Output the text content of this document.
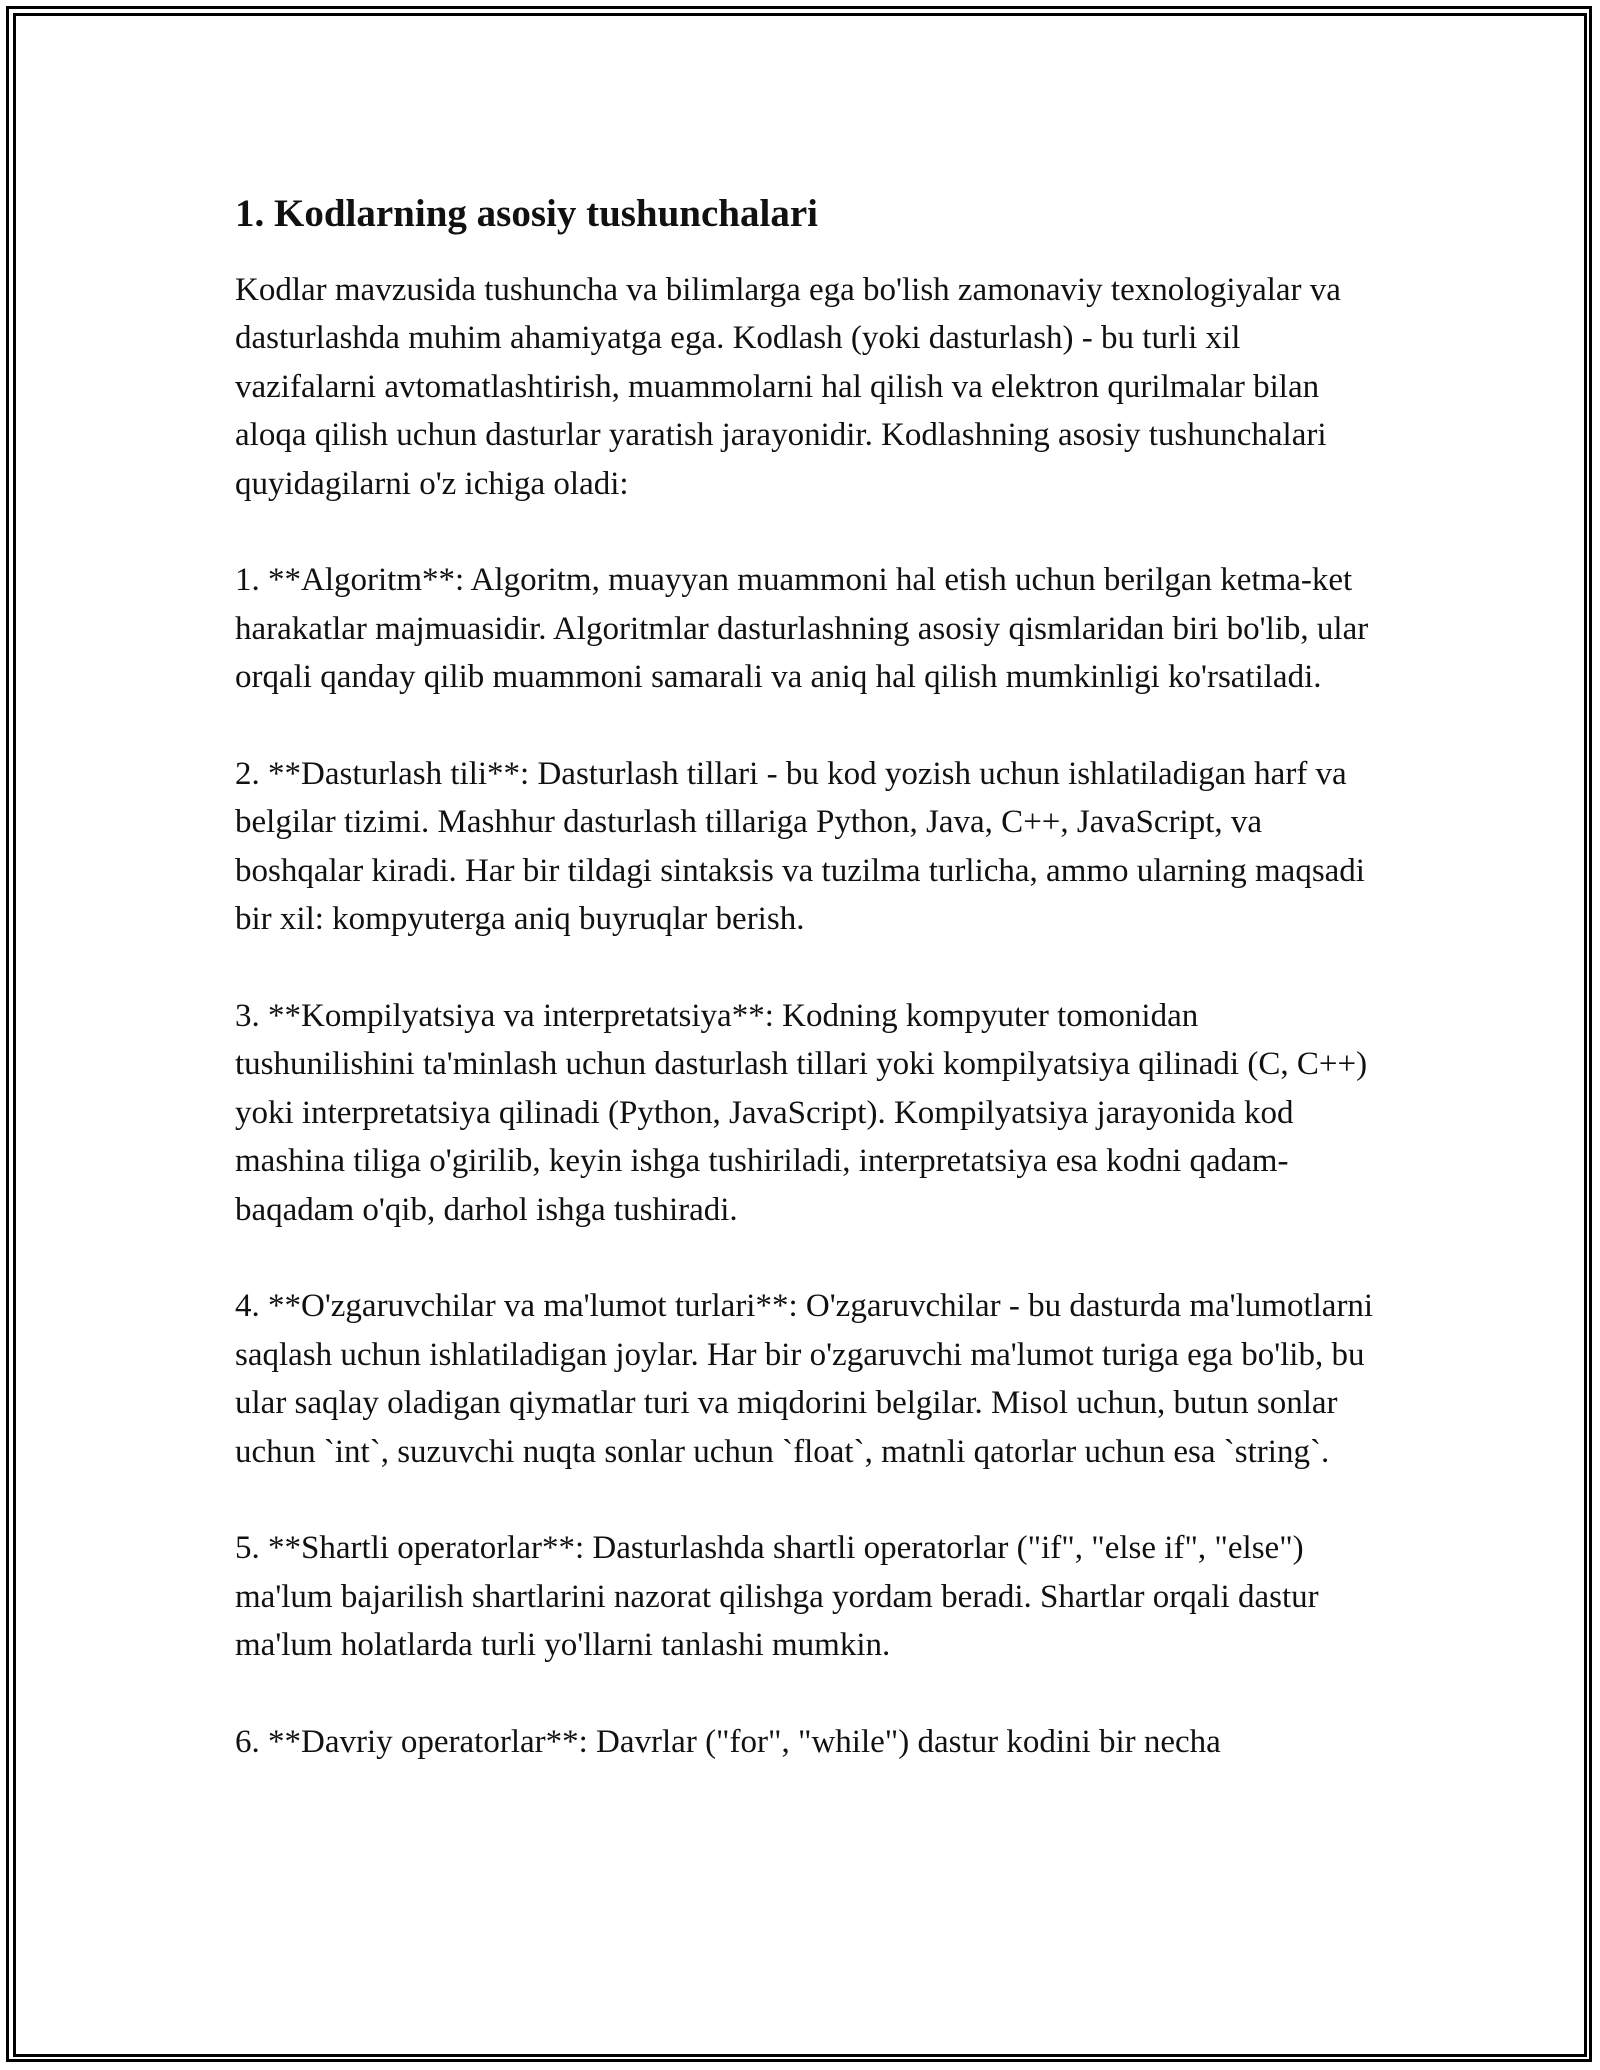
1. Kodlarning asosiy tushunchalari

Kodlar mavzusida tushuncha va bilimlarga ega bo'lish zamonaviy texnologiyalar va dasturlashda muhim ahamiyatga ega. Kodlash (yoki dasturlash) - bu turli xil vazifalarni avtomatlashtirish, muammolarni hal qilish va elektron qurilmalar bilan aloqa qilish uchun dasturlar yaratish jarayonidir. Kodlashning asosiy tushunchalari quyidagilarni o'z ichiga oladi:

1. **Algoritm**: Algoritm, muayyan muammoni hal etish uchun berilgan ketma-ket harakatlar majmuasidir. Algoritmlar dasturlashning asosiy qismlaridan biri bo'lib, ular orqali qanday qilib muammoni samarali va aniq hal qilish mumkinligi ko'rsatiladi.

2. **Dasturlash tili**: Dasturlash tillari - bu kod yozish uchun ishlatiladigan harf va belgilar tizimi. Mashhur dasturlash tillariga Python, Java, C++, JavaScript, va boshqalar kiradi. Har bir tildagi sintaksis va tuzilma turlicha, ammo ularning maqsadi bir xil: kompyuterga aniq buyruqlar berish.

3. **Kompilyatsiya va interpretatsiya**: Kodning kompyuter tomonidan tushunilishini ta'minlash uchun dasturlash tillari yoki kompilyatsiya qilinadi (C, C++) yoki interpretatsiya qilinadi (Python, JavaScript). Kompilyatsiya jarayonida kod mashina tiliga o'girilib, keyin ishga tushiriladi, interpretatsiya esa kodni qadam-baqadam o'qib, darhol ishga tushiradi.

4. **O'zgaruvchilar va ma'lumot turlari**: O'zgaruvchilar - bu dasturda ma'lumotlarni saqlash uchun ishlatiladigan joylar. Har bir o'zgaruvchi ma'lumot turiga ega bo'lib, bu ular saqlay oladigan qiymatlar turi va miqdorini belgilar. Misol uchun, butun sonlar uchun `int`, suzuvchi nuqta sonlar uchun `float`, matnli qatorlar uchun esa `string`.

5. **Shartli operatorlar**: Dasturlashda shartli operatorlar ("if", "else if", "else") ma'lum bajarilish shartlarini nazorat qilishga yordam beradi. Shartlar orqali dastur ma'lum holatlarda turli yo'llarni tanlashi mumkin.

6. **Davriy operatorlar**: Davrlar ("for", "while") dastur kodini bir necha
